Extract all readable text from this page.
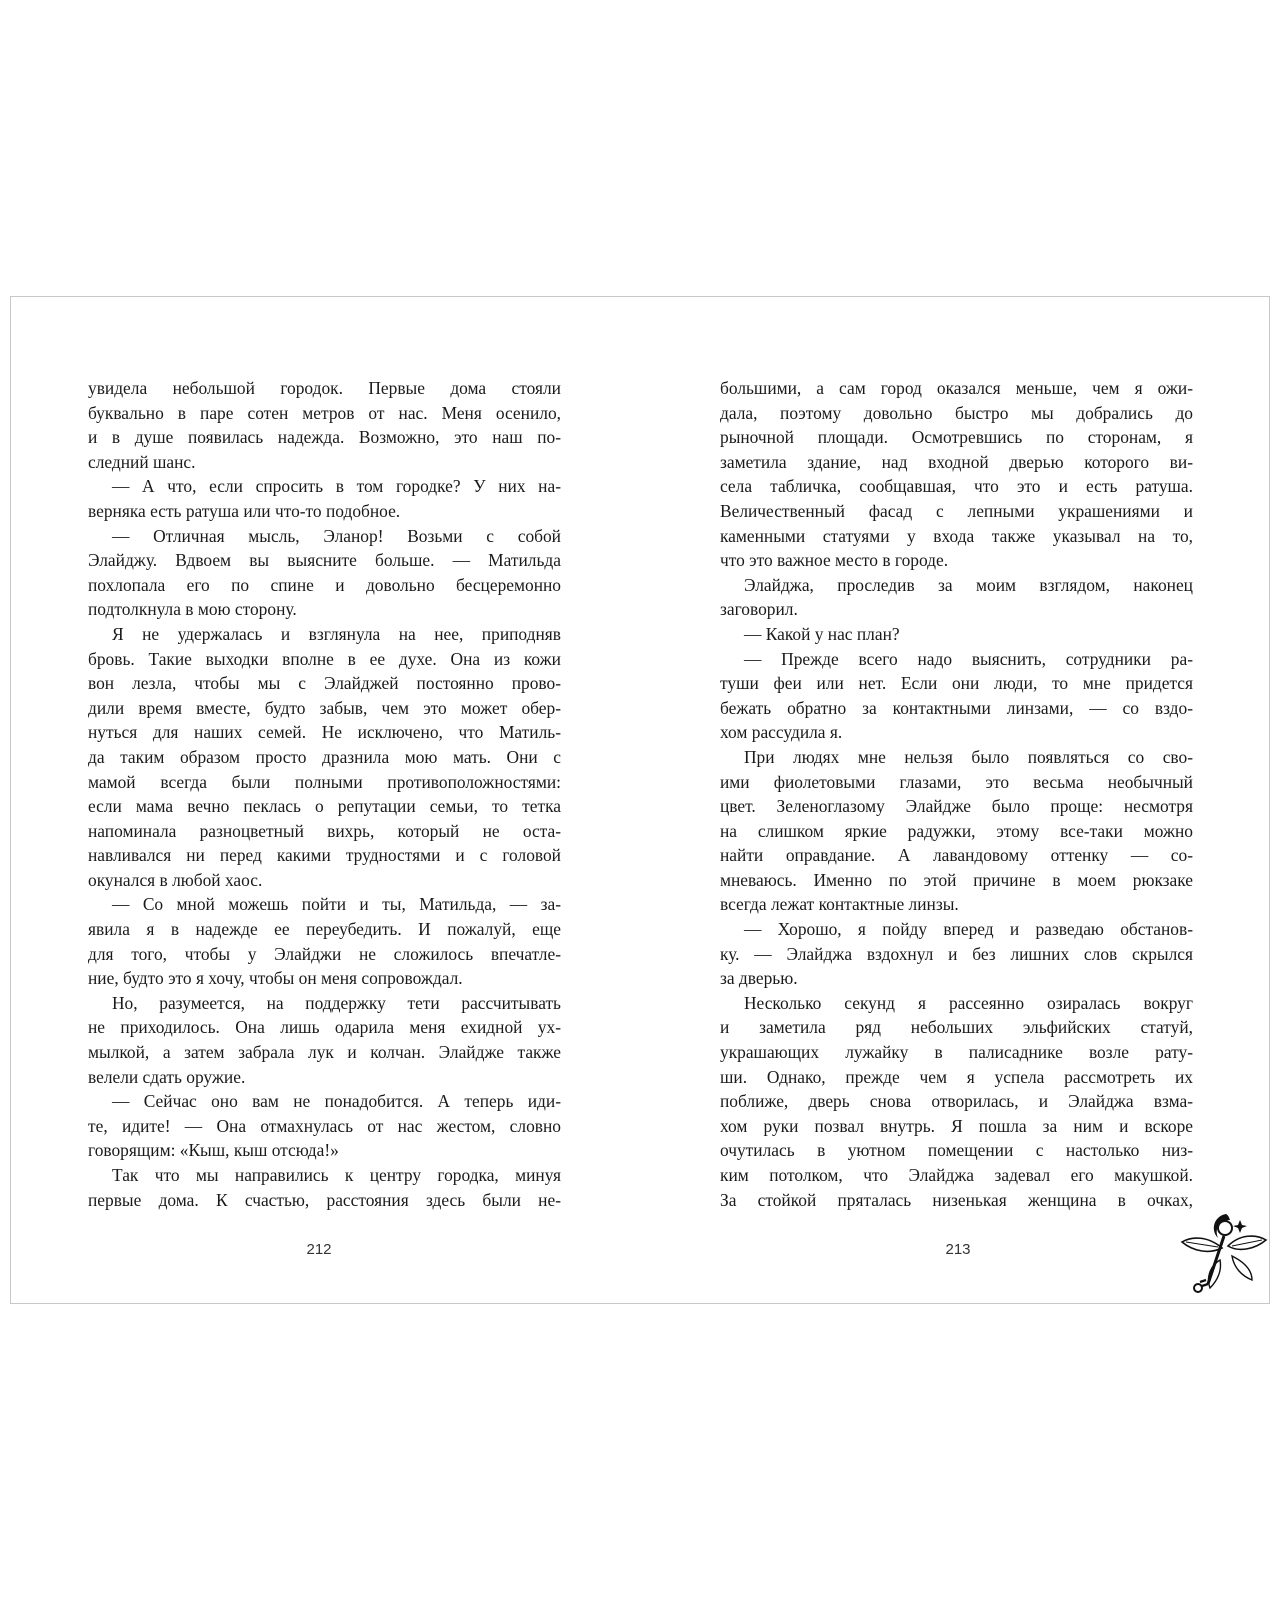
увидела небольшой городок. Первые дома стояли
буквально в паре сотен метров от нас. Меня осенило,
и в душе появилась надежда. Возможно, это наш по-
следний шанс.
— А что, если спросить в том городке? У них на-
верняка есть ратуша или что-то подобное.
— Отличная мысль, Эланор! Возьми с собой
Элайджу. Вдвоем вы выясните больше. — Матильда
похлопала его по спине и довольно бесцеремонно
подтолкнула в мою сторону.
Я не удержалась и взглянула на нее, приподняв
бровь. Такие выходки вполне в ее духе. Она из кожи
вон лезла, чтобы мы с Элайджей постоянно прово-
дили время вместе, будто забыв, чем это может обер-
нуться для наших семей. Не исключено, что Матиль-
да таким образом просто дразнила мою мать. Они с
мамой всегда были полными противоположностями:
если мама вечно пеклась о репутации семьи, то тетка
напоминала разноцветный вихрь, который не оста-
навливался ни перед какими трудностями и с головой
окунался в любой хаос.
— Со мной можешь пойти и ты, Матильда, — за-
явила я в надежде ее переубедить. И пожалуй, еще
для того, чтобы у Элайджи не сложилось впечатле-
ние, будто это я хочу, чтобы он меня сопровождал.
Но, разумеется, на поддержку тети рассчитывать
не приходилось. Она лишь одарила меня ехидной ух-
мылкой, а затем забрала лук и колчан. Элайдже также
велели сдать оружие.
— Сейчас оно вам не понадобится. А теперь иди-
те, идите! — Она отмахнулась от нас жестом, словно
говорящим: «Кыш, кыш отсюда!»
Так что мы направились к центру городка, минуя
первые дома. К счастью, расстояния здесь были не-
большими, а сам город оказался меньше, чем я ожи-
дала, поэтому довольно быстро мы добрались до
рыночной площади. Осмотревшись по сторонам, я
заметила здание, над входной дверью которого ви-
села табличка, сообщавшая, что это и есть ратуша.
Величественный фасад с лепными украшениями и
каменными статуями у входа также указывал на то,
что это важное место в городе.
Элайджа, проследив за моим взглядом, наконец
заговорил.
— Какой у нас план?
— Прежде всего надо выяснить, сотрудники ра-
туши феи или нет. Если они люди, то мне придется
бежать обратно за контактными линзами, — со вздо-
хом рассудила я.
При людях мне нельзя было появляться со сво-
ими фиолетовыми глазами, это весьма необычный
цвет. Зеленоглазому Элайдже было проще: несмотря
на слишком яркие радужки, этому все-таки можно
найти оправдание. А лавандовому оттенку — со-
мневаюсь. Именно по этой причине в моем рюкзаке
всегда лежат контактные линзы.
— Хорошо, я пойду вперед и разведаю обстанов-
ку. — Элайджа вздохнул и без лишних слов скрылся
за дверью.
Несколько секунд я рассеянно озиралась вокруг
и заметила ряд небольших эльфийских статуй,
украшающих лужайку в палисаднике возле рату-
ши. Однако, прежде чем я успела рассмотреть их
поближе, дверь снова отворилась, и Элайджа взма-
хом руки позвал внутрь. Я пошла за ним и вскоре
очутилась в уютном помещении с настолько низ-
ким потолком, что Элайджа задевал его макушкой.
За стойкой пряталась низенькая женщина в очках,
212	213
